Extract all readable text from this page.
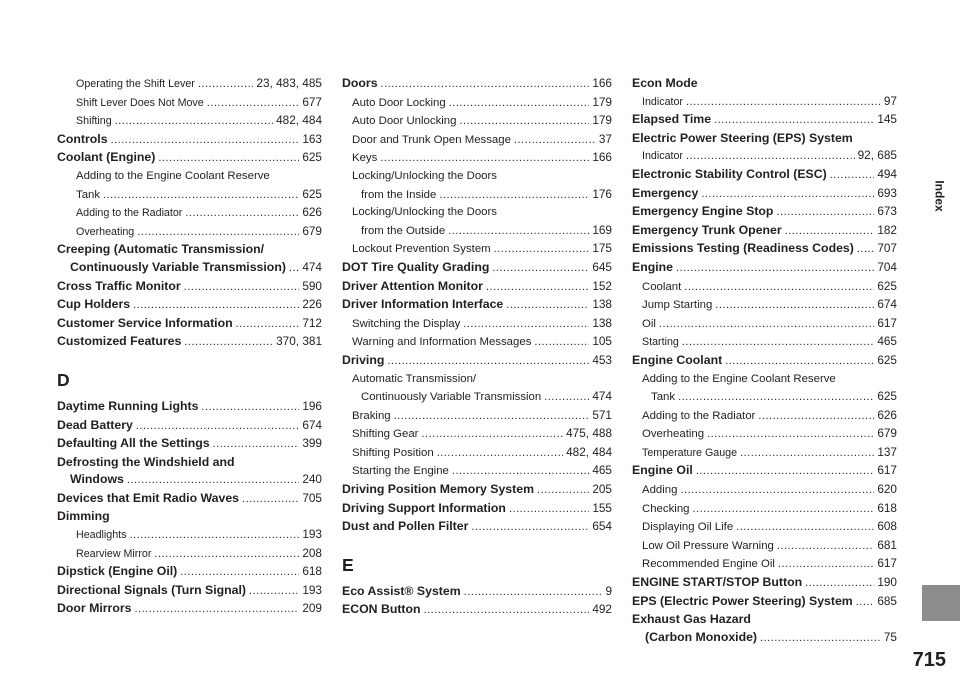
Operating the Shift Lever .....	23, 483, 485
Shift Lever Does Not Move .....	677
Shifting .....	482, 484
Controls .....	163
Coolant (Engine) .....	625
Adding to the Engine Coolant Reserve
Tank .....	625
Adding to the Radiator .....	626
Overheating .....	679
Creeping (Automatic Transmission/
Continuously Variable Transmission) ..... 474
Cross Traffic Monitor .....	590
Cup Holders .....	226
Customer Service Information .....	712
Customized Features .....	370, 381
D
Daytime Running Lights .....	196
Dead Battery .....	674
Defaulting All the Settings .....	399
Defrosting the Windshield and
Windows .....	240
Devices that Emit Radio Waves .....	705
Dimming
Headlights .....	193
Rearview Mirror .....	208
Dipstick (Engine Oil) .....	618
Directional Signals (Turn Signal) .....	193
Door Mirrors .....	209
Doors .....	166
Auto Door Locking .....	179
Auto Door Unlocking .....	179
Door and Trunk Open Message .....	37
Keys .....	166
Locking/Unlocking the Doors
from the Inside .....	176
Locking/Unlocking the Doors
from the Outside .....	169
Lockout Prevention System .....	175
DOT Tire Quality Grading .....	645
Driver Attention Monitor .....	152
Driver Information Interface .....	138
Switching the Display .....	138
Warning and Information Messages .....	105
Driving .....	453
Automatic Transmission/
Continuously Variable Transmission .....	474
Braking .....	571
Shifting Gear .....	475, 488
Shifting Position .....	482, 484
Starting the Engine .....	465
Driving Position Memory System .....	205
Driving Support Information .....	155
Dust and Pollen Filter .....	654
E
Eco Assist® System .....	9
ECON Button .....	492
Econ Mode
Indicator .....	97
Elapsed Time .....	145
Electric Power Steering (EPS) System
Indicator .....	92, 685
Electronic Stability Control (ESC) .....	494
Emergency .....	693
Emergency Engine Stop .....	673
Emergency Trunk Opener .....	182
Emissions Testing (Readiness Codes) ..... 707
Engine .....	704
Coolant .....	625
Jump Starting .....	674
Oil .....	617
Starting .....	465
Engine Coolant .....	625
Adding to the Engine Coolant Reserve
Tank .....	625
Adding to the Radiator .....	626
Overheating .....	679
Temperature Gauge .....	137
Engine Oil .....	617
Adding .....	620
Checking .....	618
Displaying Oil Life .....	608
Low Oil Pressure Warning .....	681
Recommended Engine Oil .....	617
ENGINE START/STOP Button .....	190
EPS (Electric Power Steering) System ..... 685
Exhaust Gas Hazard
(Carbon Monoxide) .....	75
Index
715
